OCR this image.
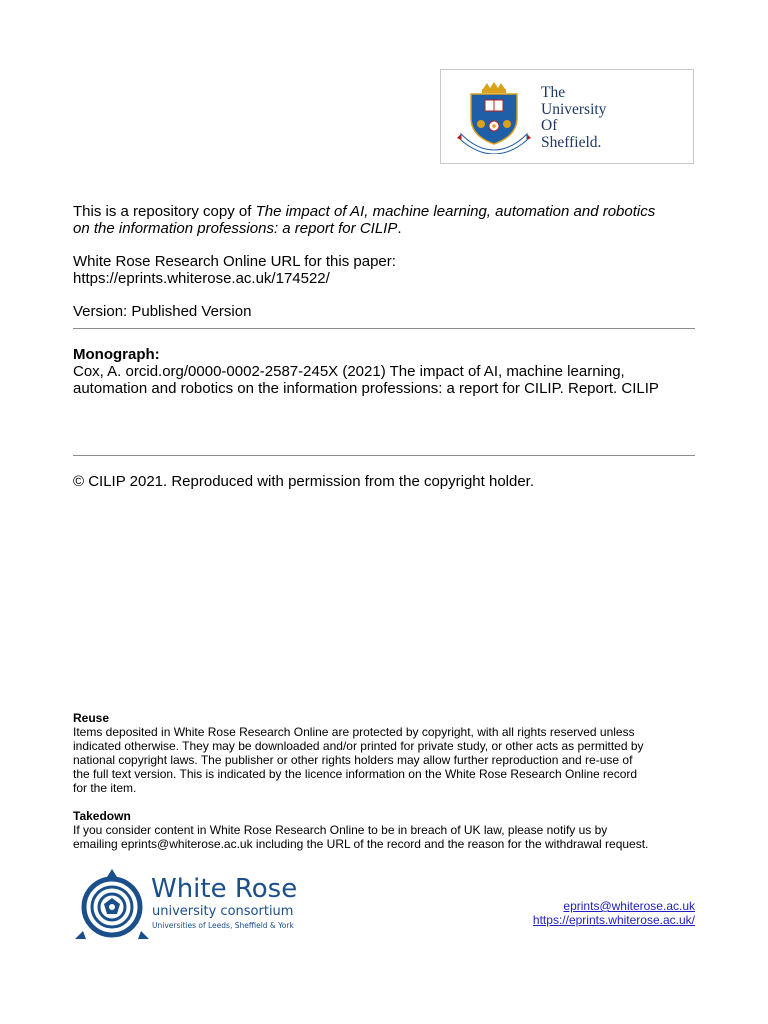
The
University
Of
Sheffield.
This is a repository copy of The impact of AI, machine learning, automation and robotics
on the information professions: a report for CILIP.
White Rose Research Online URL for this paper:
https://eprints.whiterose.ac.uk/174522/
Version: Published Version
Monograph:
Cox, A. orcid.org/0000-0002-2587-245X (2021) The impact of AI, machine learning,
automation and robotics on the information professions: a report for CILIP. Report. CILIP
© CILIP 2021. Reproduced with permission from the copyright holder.
Reuse
Items deposited in White Rose Research Online are protected by copyright, with all rights reserved unless
indicated otherwise. They may be downloaded and/or printed for private study, or other acts as permitted by
national copyright laws. The publisher or other rights holders may allow further reproduction and re-use of
the full text version. This is indicated by the licence information on the White Rose Research Online record
for the item.
Takedown
If you consider content in White Rose Research Online to be in breach of UK law, please notify us by
emailing eprints@whiterose.ac.uk including the URL of the record and the reason for the withdrawal request.
White Rose
university consortium
Universities of Leeds, Sheffield & York
eprints@whiterose.ac.uk
https://eprints.whiterose.ac.uk/
